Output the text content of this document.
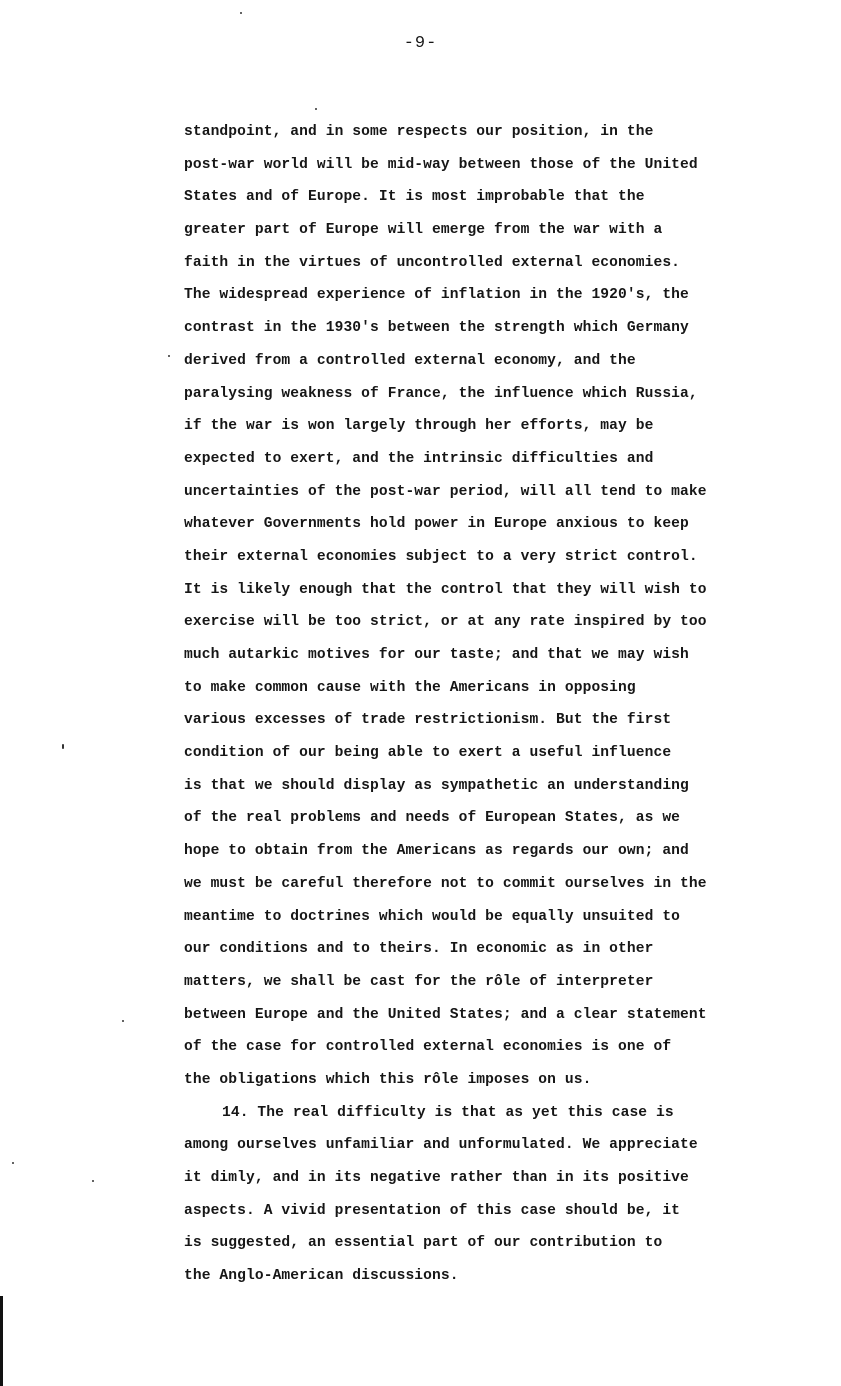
-9-
standpoint, and in some respects our position, in the
post-war world will be mid-way between those of the United
States and of Europe. It is most improbable that the
greater part of Europe will emerge from the war with a
faith in the virtues of uncontrolled external economies.
The widespread experience of inflation in the 1920's, the
contrast in the 1930's between the strength which Germany
derived from a controlled external economy, and the
paralysing weakness of France, the influence which Russia,
if the war is won largely through her efforts, may be
expected to exert, and the intrinsic difficulties and
uncertainties of the post-war period, will all tend to make
whatever Governments hold power in Europe anxious to keep
their external economies subject to a very strict control.
It is likely enough that the control that they will wish to
exercise will be too strict, or at any rate inspired by too
much autarkic motives for our taste; and that we may wish
to make common cause with the Americans in opposing
various excesses of trade restrictionism. But the first
condition of our being able to exert a useful influence
is that we should display as sympathetic an understanding
of the real problems and needs of European States, as we
hope to obtain from the Americans as regards our own; and
we must be careful therefore not to commit ourselves in the
meantime to doctrines which would be equally unsuited to
our conditions and to theirs. In economic as in other
matters, we shall be cast for the rôle of interpreter
between Europe and the United States; and a clear statement
of the case for controlled external economies is one of
the obligations which this rôle imposes on us.
14. The real difficulty is that as yet this case is
among ourselves unfamiliar and unformulated. We appreciate
it dimly, and in its negative rather than in its positive
aspects. A vivid presentation of this case should be, it
is suggested, an essential part of our contribution to
the Anglo-American discussions.
